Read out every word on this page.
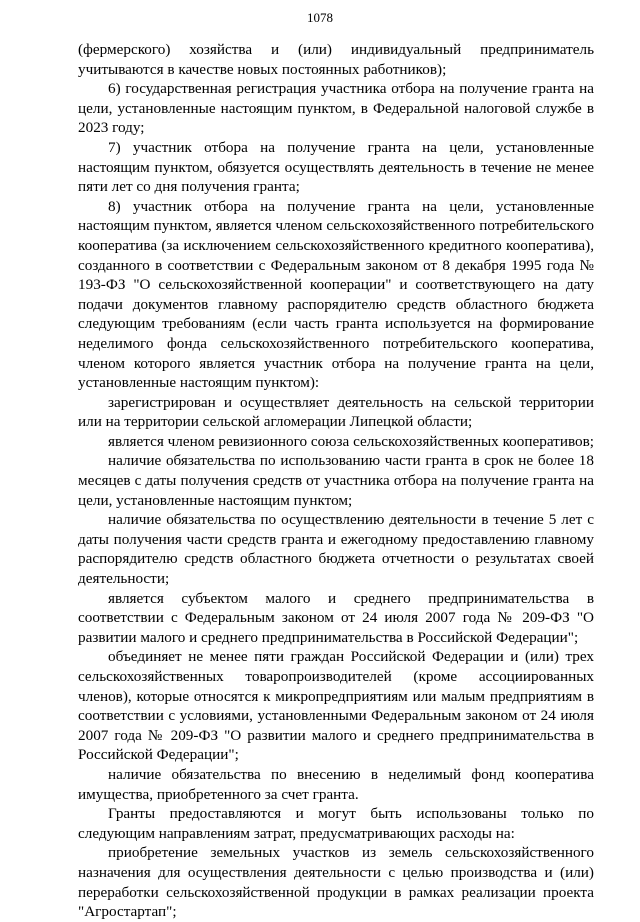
1078

(фермерского) хозяйства и (или) индивидуальный предприниматель учитываются в качестве новых постоянных работников);

6) государственная регистрация участника отбора на получение гранта на цели, установленные настоящим пунктом, в Федеральной налоговой службе в 2023 году;

7) участник отбора на получение гранта на цели, установленные настоящим пунктом, обязуется осуществлять деятельность в течение не менее пяти лет со дня получения гранта;

8) участник отбора на получение гранта на цели, установленные настоящим пунктом, является членом сельскохозяйственного потребительского кооператива (за исключением сельскохозяйственного кредитного кооператива), созданного в соответствии с Федеральным законом от 8 декабря 1995 года № 193-ФЗ "О сельскохозяйственной кооперации" и соответствующего на дату подачи документов главному распорядителю средств областного бюджета следующим требованиям (если часть гранта используется на формирование неделимого фонда сельскохозяйственного потребительского кооператива, членом которого является участник отбора на получение гранта на цели, установленные настоящим пунктом):

зарегистрирован и осуществляет деятельность на сельской территории или на территории сельской агломерации Липецкой области;

является членом ревизионного союза сельскохозяйственных кооперативов;

наличие обязательства по использованию части гранта в срок не более 18 месяцев с даты получения средств от участника отбора на получение гранта на цели, установленные настоящим пунктом;

наличие обязательства по осуществлению деятельности в течение 5 лет с даты получения части средств гранта и ежегодному предоставлению главному распорядителю средств областного бюджета отчетности о результатах своей деятельности;

является субъектом малого и среднего предпринимательства в соответствии с Федеральным законом от 24 июля 2007 года № 209-ФЗ "О развитии малого и среднего предпринимательства в Российской Федерации";

объединяет не менее пяти граждан Российской Федерации и (или) трех сельскохозяйственных товаропроизводителей (кроме ассоциированных членов), которые относятся к микропредприятиям или малым предприятиям в соответствии с условиями, установленными Федеральным законом от 24 июля 2007 года № 209-ФЗ "О развитии малого и среднего предпринимательства в Российской Федерации";

наличие обязательства по внесению в неделимый фонд кооператива имущества, приобретенного за счет гранта.

Гранты предоставляются и могут быть использованы только по следующим направлениям затрат, предусматривающих расходы на:

приобретение земельных участков из земель сельскохозяйственного назначения для осуществления деятельности с целью производства и (или) переработки сельскохозяйственной продукции в рамках реализации проекта "Агростартап";
